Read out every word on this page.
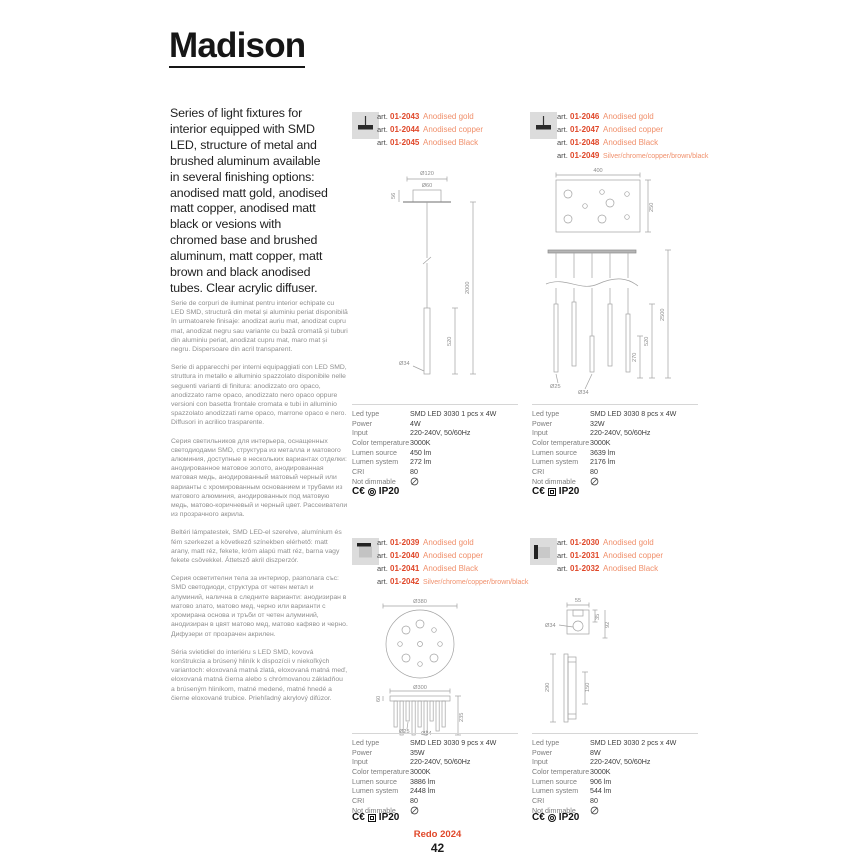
Madison
Series of light fixtures for interior equipped with SMD LED, structure of metal and brushed aluminum available in several finishing options: anodised matt gold, anodised matt copper, anodised matt black or vesions with chromed base and brushed aluminum, matt copper, matt brown and black anodised tubes. Clear acrylic diffuser.

Serie de corpuri de iluminat pentru interior echipate cu LED SMD, structură din metal și aluminiu periat disponibilă în urmatoarele finisaje: anodizat auriu mat, anodizat cupru mat, anodizat negru sau variante cu bază cromată și tuburi din aluminiu periat, anodizat cupru mat, maro mat și negru. Dispersoare din acril transparent.

Serie di apparecchi per interni equipaggiati con LED SMD, struttura in metallo e alluminio spazzolato disponibile nelle seguenti varianti di finitura: anodizzato oro opaco, anodizzato rame opaco, anodizzato nero opaco oppure versioni con basetta frontale cromata e tubi in alluminio spazzolato anodizzati rame opaco, marrone opaco e nero. Diffusori in acrilico trasparente.

Серия светильников для интерьера, оснащенных светодиодами SMD, структура из металла и матового алюминия, доступные в нескольких вариантах отделки: анодированное матовое золото, анодированная матовая медь, анодированный матовый черный или варианты с хромированным основанием и трубами из матового алюминия, анодированных под матовую медь, матово-коричневый и черный цвет. Рассеиватели из прозрачного акрила.

Beltéri lámpatestek, SMD LED-el szerelve, alumínium és fém szerkezet a következő színekben elérhető: matt arany, matt réz, fekete, króm alapú matt réz, barna vagy fekete csövekkel. Áttetsző akril diszperzór.

Серия осветителни тела за интериор, разполага със: SMD светодиоди, структура от четен метал и алуминий, налична в следните варианти: анодизиран в матово злато, матово мед, черно или варианти с хромирана основа и тръби от четен алуминий, анодизиран в цвят матово мед, матово кафяво и черно. Дифузери от прозрачен акрилен.

Séria svietidiel do interiéru s LED SMD, kovová konštrukcia a brúsený hliník k dispozícii v niekoľkých variantoch: eloxovaná matná zlatá, eloxovaná matná meď, eloxovaná matná čierna alebo s chrómovanou základňou a brúseným hliníkom, matné medené, matné hnedé a čierne eloxované trubice. Priehľadný akrylový difúzor.

art. 01-2043 Anodised gold
art. 01-2044 Anodised copper
art. 01-2045 Anodised Black
Ø120
Ø60
56
2000
520
Ø34
Led type	SMD LED 3030 1 pcs x 4W
Power	4W
Input	220-240V, 50/60Hz
Color temperature 3000K
Lumen source	450 lm
Lumen system	272 lm
CRI	80
Not dimmable
C€ IP20
art. 01-2046 Anodised gold
art. 01-2047 Anodised copper
art. 01-2048 Anodised Black
art. 01-2049 Silver/chrome/copper/brown/black
400
250
2500
520
270
Ø25
Ø34
Led type	SMD LED 3030 8 pcs x 4W
Power	32W
Input	220-240V, 50/60Hz
Color temperature 3000K
Lumen source	3639 lm
Lumen system	2176 lm
CRI	80
Not dimmable
C€ IP20
art. 01-2039 Anodised gold
art. 01-2040 Anodised copper
art. 01-2041 Anodised Black
art. 01-2042 Silver/chrome/copper/brown/black
Ø380
Ø300
60
235
Ø25 Ø34
Led type	SMD LED 3030 9 pcs x 4W
Power	35W
Input	220-240V, 50/60Hz
Color temperature 3000K
Lumen source	3886 lm
Lumen system	2448 lm
CRI	80
Not dimmable
C€ IP20
art. 01-2030 Anodised gold
art. 01-2031 Anodised copper
art. 01-2032 Anodised Black
55
Ø34
35
92
290	150
Led type	SMD LED 3030 2 pcs x 4W
Power	8W
Input	220-240V, 50/60Hz
Color temperature 3000K
Lumen source	906 lm
Lumen system	544 lm
CRI	80
Not dimmable
C€ IP20
Redo 2024
42
